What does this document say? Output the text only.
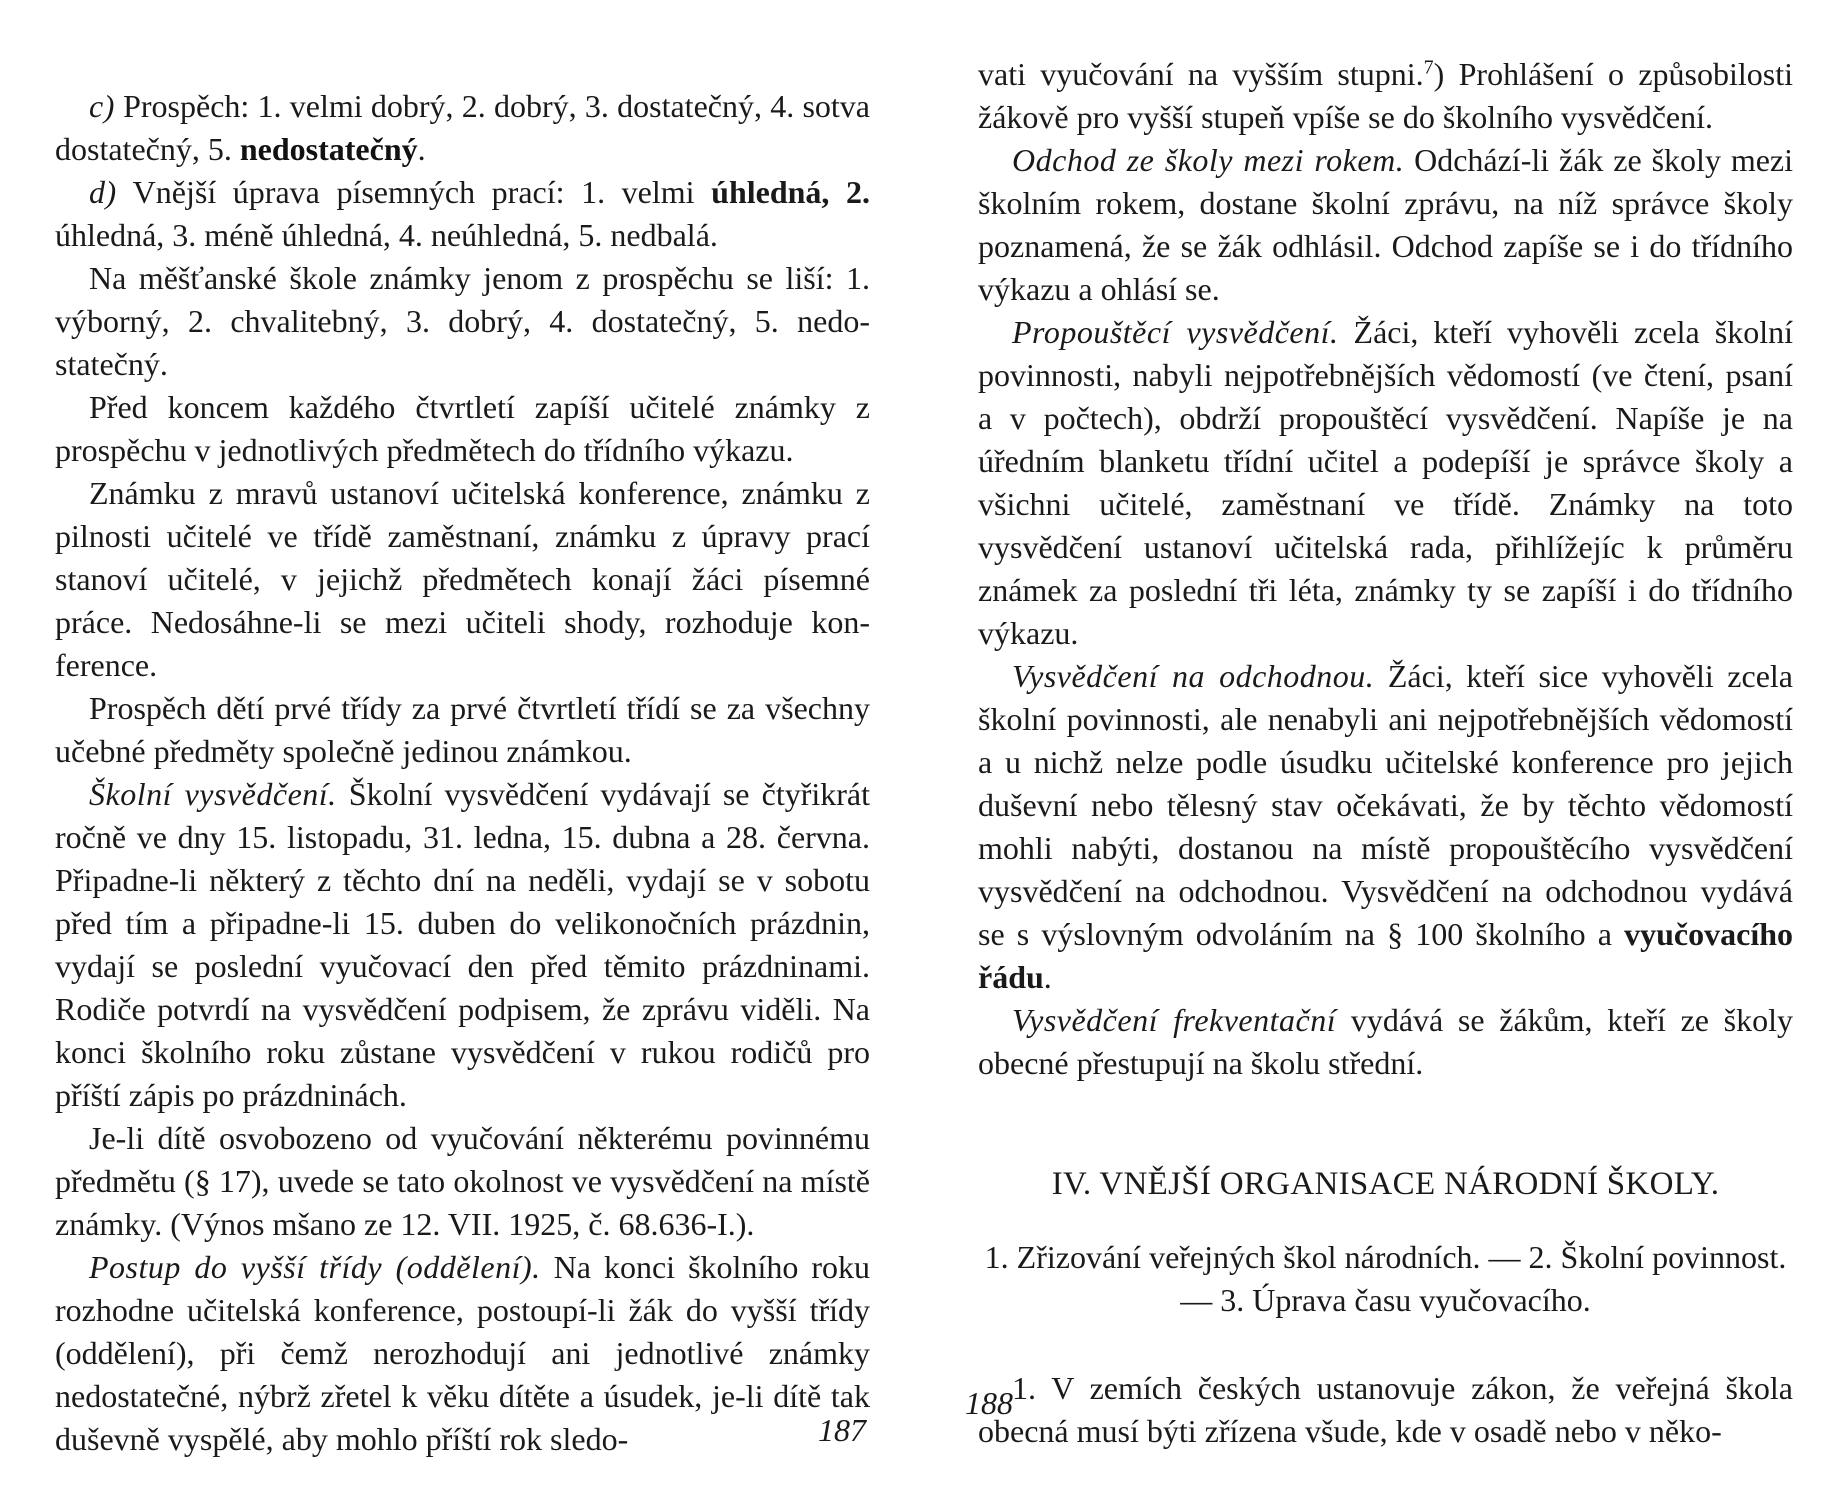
c) Prospěch: 1. velmi dobrý, 2. dobrý, 3. dostatečný, 4. sotva dostatečný, 5. nedostatečný.

d) Vnější úprava písemných prací: 1. velmi úhledná, 2. úhledná, 3. méně úhledná, 4. neúhledná, 5. nedbalá.

Na měšťanské škole známky jenom z prospěchu se liší: 1. výborný, 2. chvalitebný, 3. dobrý, 4. dostatečný, 5. nedostatečný.

Před koncem každého čtvrtletí zapíší učitelé známky z prospěchu v jednotlivých předmětech do třídního výkazu.

Známku z mravů ustanoví učitelská konference, známku z pilnosti učitelé ve třídě zaměstnaní, známku z úpravy prací stanoví učitelé, v jejichž předmětech konají žáci písemné práce. Nedosáhne-li se mezi učiteli shody, rozhoduje konference.

Prospěch dětí prvé třídy za prvé čtvrtletí třídí se za všechny učebné předměty společně jedinou známkou.

Školní vysvědčení. Školní vysvědčení vydávají se čtyřikrát ročně ve dny 15. listopadu, 31. ledna, 15. dubna a 28. června. Připadne-li některý z těchto dní na neděli, vydají se v sobotu před tím a připadne-li 15. duben do velikonočních prázdnin, vydají se poslední vyučovací den před těmito prázdninami. Rodiče potvrdí na vysvědčení podpisem, že zprávu viděli. Na konci školního roku zůstane vysvědčení v rukou rodičů pro příští zápis po prázdninách.

Je-li dítě osvobozeno od vyučování některému povinnému předmětu (§ 17), uvede se tato okolnost ve vysvědčení na místě známky. (Výnos mšano ze 12. VII. 1925, č. 68.636-I.).

Postup do vyšší třídy (oddělení). Na konci školního roku rozhodne učitelská konference, postoupí-li žák do vyšší třídy (oddělení), při čemž nerozhodují ani jednotlivé známky nedostatečné, nýbrž zřetel k věku dítěte a úsudek, je-li dítě tak duševně vyspělé, aby mohlo příští rok sledo-	187

vati vyučování na vyšším stupni.$^7$) Prohlášení o způsobilosti žákově pro vyšší stupeň vpíše se do školního vysvědčení.

Odchod ze školy mezi rokem. Odchází-li žák ze školy mezi školním rokem, dostane školní zprávu, na níž správce školy poznamená, že se žák odhlásil. Odchod zapíše se i do třídního výkazu a ohlásí se.

Propouštěcí vysvědčení. Žáci, kteří vyhověli zcela školní povinnosti, nabyli nejpotřebnějších vědomostí (ve čtení, psaní a v počtech), obdrží propouštěcí vysvědčení. Napíše je na úředním blanketu třídní učitel a podepíší je správce školy a všichni učitelé, zaměstnaní ve třídě. Známky na toto vysvědčení ustanoví učitelská rada, přihlížejíc k průměru známek za poslední tři léta, známky ty se zapíší i do třídního výkazu.

Vysvědčení na odchodnou. Žáci, kteří sice vyhověli zcela školní povinnosti, ale nenabyli ani nejpotřebnějších vědomostí a u nichž nelze podle úsudku učitelské konference pro jejich duševní nebo tělesný stav očekávati, že by těchto vědomostí mohli nabýti, dostanou na místě propouštěcího vysvědčení vysvědčení na odchodnou. Vysvědčení na odchodnou vydává se s výslovným odvoláním na § 100 školního a vyučovacího řádu.

Vysvědčení frekventační vydává se žákům, kteří ze školy obecné přestupují na školu střední.

IV. VNĚJŠÍ ORGANISACE NÁRODNÍ ŠKOLY.

1. Zřizování veřejných škol národních. — 2. Školní povinnost. — 3. Úprava času vyučovacího.

1. V zemích českých ustanovuje zákon, že veřejná škola obecná musí býti zřízena všude, kde v osadě nebo v něko-

188
